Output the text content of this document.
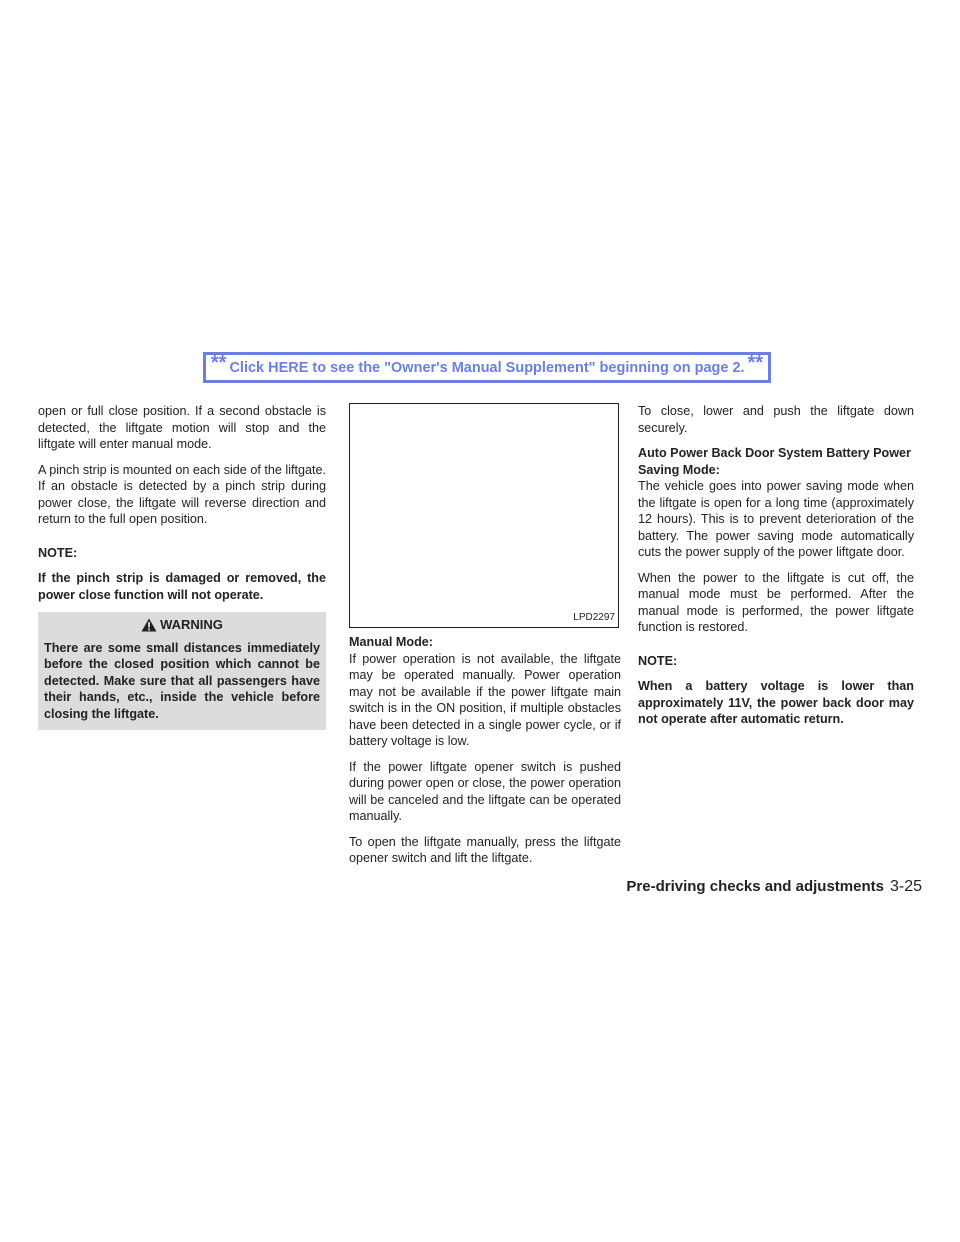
** Click HERE to see the "Owner's Manual Supplement" beginning on page 2. **

open or full close position. If a second obstacle is detected, the liftgate motion will stop and the liftgate will enter manual mode.

A pinch strip is mounted on each side of the liftgate. If an obstacle is detected by a pinch strip during power close, the liftgate will reverse direction and return to the full open position.

NOTE:

If the pinch strip is damaged or removed, the power close function will not operate.

WARNING
There are some small distances immediately before the closed position which cannot be detected. Make sure that all passengers have their hands, etc., inside the vehicle before closing the liftgate.
LPD2297
Manual Mode:

If power operation is not available, the liftgate may be operated manually. Power operation may not be available if the power liftgate main switch is in the ON position, if multiple obstacles have been detected in a single power cycle, or if battery voltage is low.

If the power liftgate opener switch is pushed during power open or close, the power operation will be canceled and the liftgate can be operated manually.

To open the liftgate manually, press the liftgate opener switch and lift the liftgate.

To close, lower and push the liftgate down securely.

Auto Power Back Door System Battery Power Saving Mode:

The vehicle goes into power saving mode when the liftgate is open for a long time (approximately 12 hours). This is to prevent deterioration of the battery. The power saving mode automatically cuts the power supply of the power liftgate door.

When the power to the liftgate is cut off, the manual mode must be performed. After the manual mode is performed, the power liftgate function is restored.

NOTE:

When a battery voltage is lower than approximately 11V, the power back door may not operate after automatic return.

Pre-driving checks and adjustments 3-25
